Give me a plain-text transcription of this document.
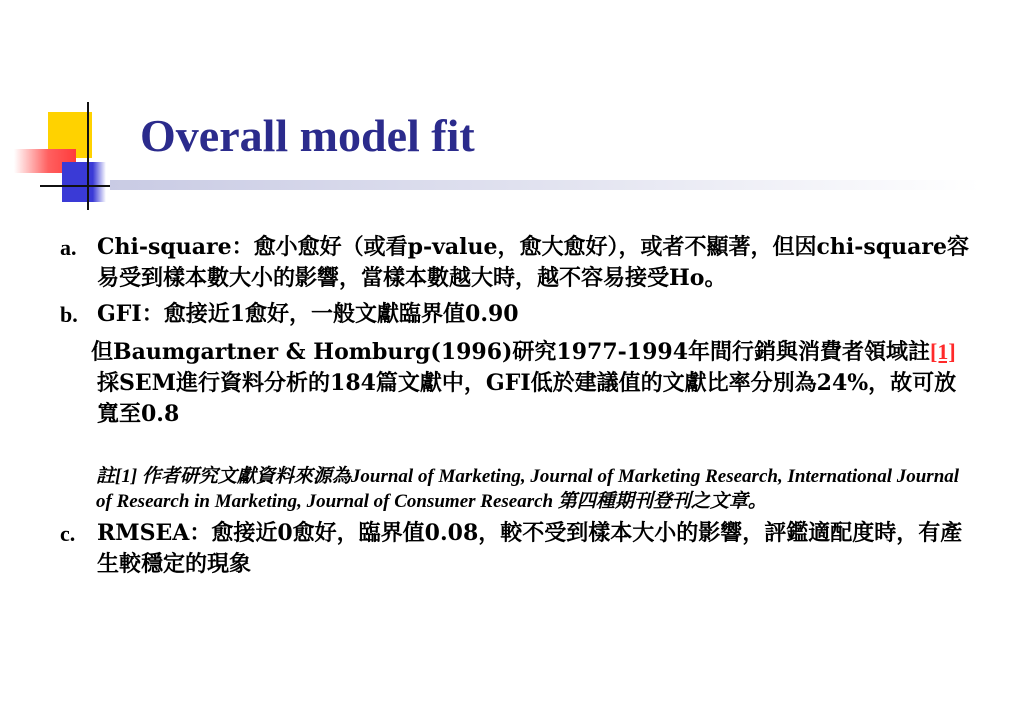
Overall model fit

a. Chi-square：愈小愈好（或看p-value，愈大愈好），或者不顯著，但因chi-square容易受到樣本數大小的影響，當樣本數越大時，越不容易接受Ho。

b. GFI：愈接近1愈好，一般文獻臨界值0.90

但Baumgartner & Homburg(1996)研究1977-1994年間行銷與消費者領域註[1]採SEM進行資料分析的184篇文獻中，GFI低於建議值的文獻比率分別為24%，故可放寬至0.8

註[1] 作者研究文獻資料來源為Journal of Marketing, Journal of Marketing Research, International Journal of Research in Marketing, Journal of Consumer Research 第四種期刊登刊之文章。

c. RMSEA：愈接近0愈好，臨界值0.08，較不受到樣本大小的影響，評鑑適配度時，有產生較穩定的現象
